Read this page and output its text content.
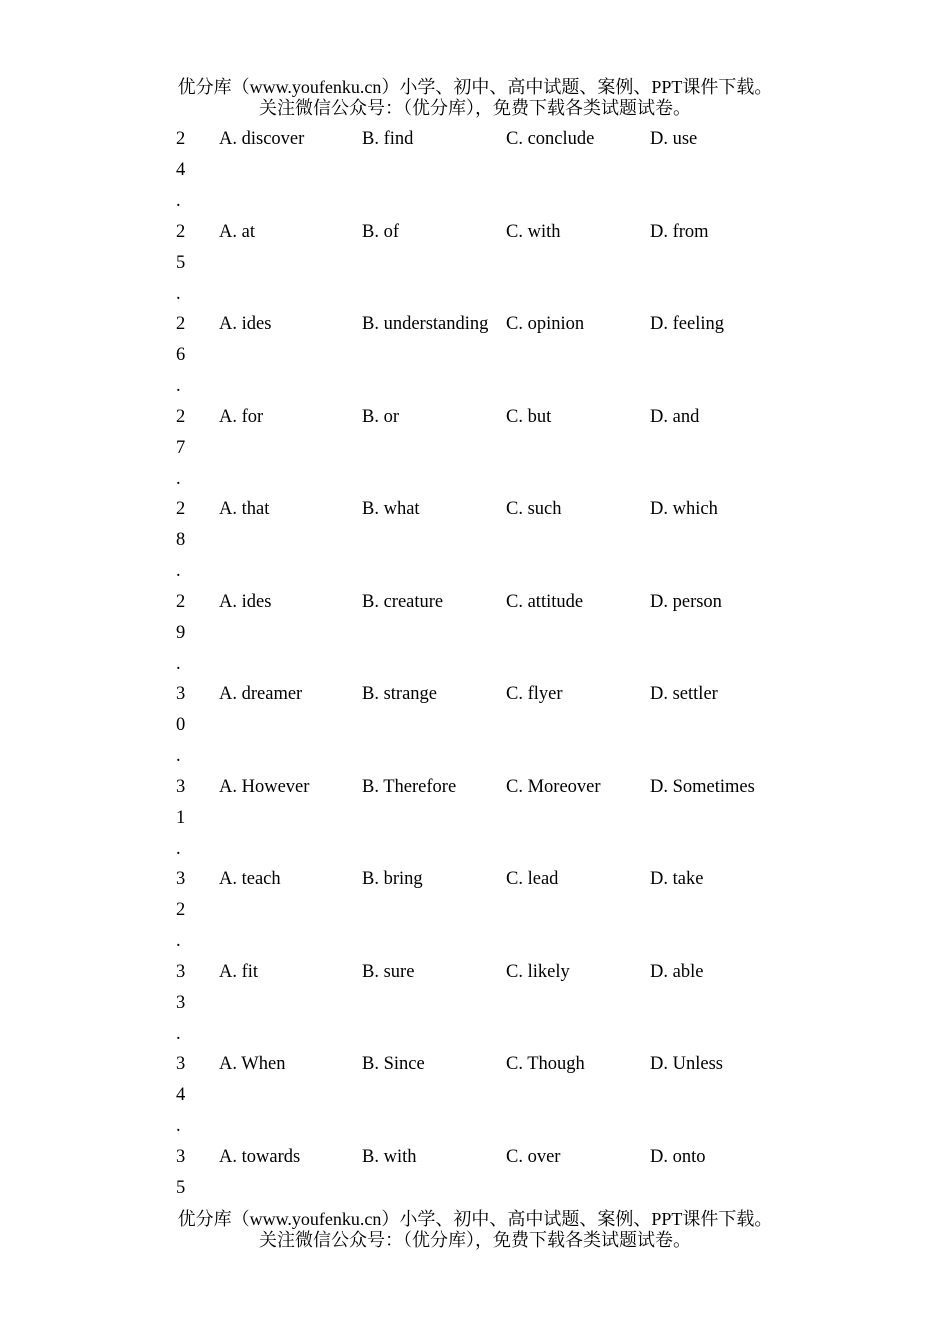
优分库（www.youfenku.cn）小学、初中、高中试题、案例、PPT课件下载。
关注微信公众号：（优分库），免费下载各类试题试卷。
2
4
.
A. discover	B. find	C. conclude	D. use
2
5
.
A. at	B. of	C. with	D. from
2
6
.
A. ides	B. understanding C. opinion	D. feeling
2
7
.
A. for	B. or	C. but	D. and
2
8
.
A. that	B. what	C. such	D. which
2
9
.
A. ides	B. creature	C. attitude	D. person
3
0
.
A. dreamer	B. strange	C. flyer	D. settler
3
1
.
A. However	B. Therefore	C. Moreover	D. Sometimes
3
2
.
A. teach	B. bring	C. lead	D. take
3
3
.
A. fit	B. sure	C. likely	D. able
3
4
.
A. When	B. Since	C. Though	D. Unless
3
5
A. towards	B. with	C. over	D. onto
优分库（www.youfenku.cn）小学、初中、高中试题、案例、PPT课件下载。
关注微信公众号：（优分库），免费下载各类试题试卷。
